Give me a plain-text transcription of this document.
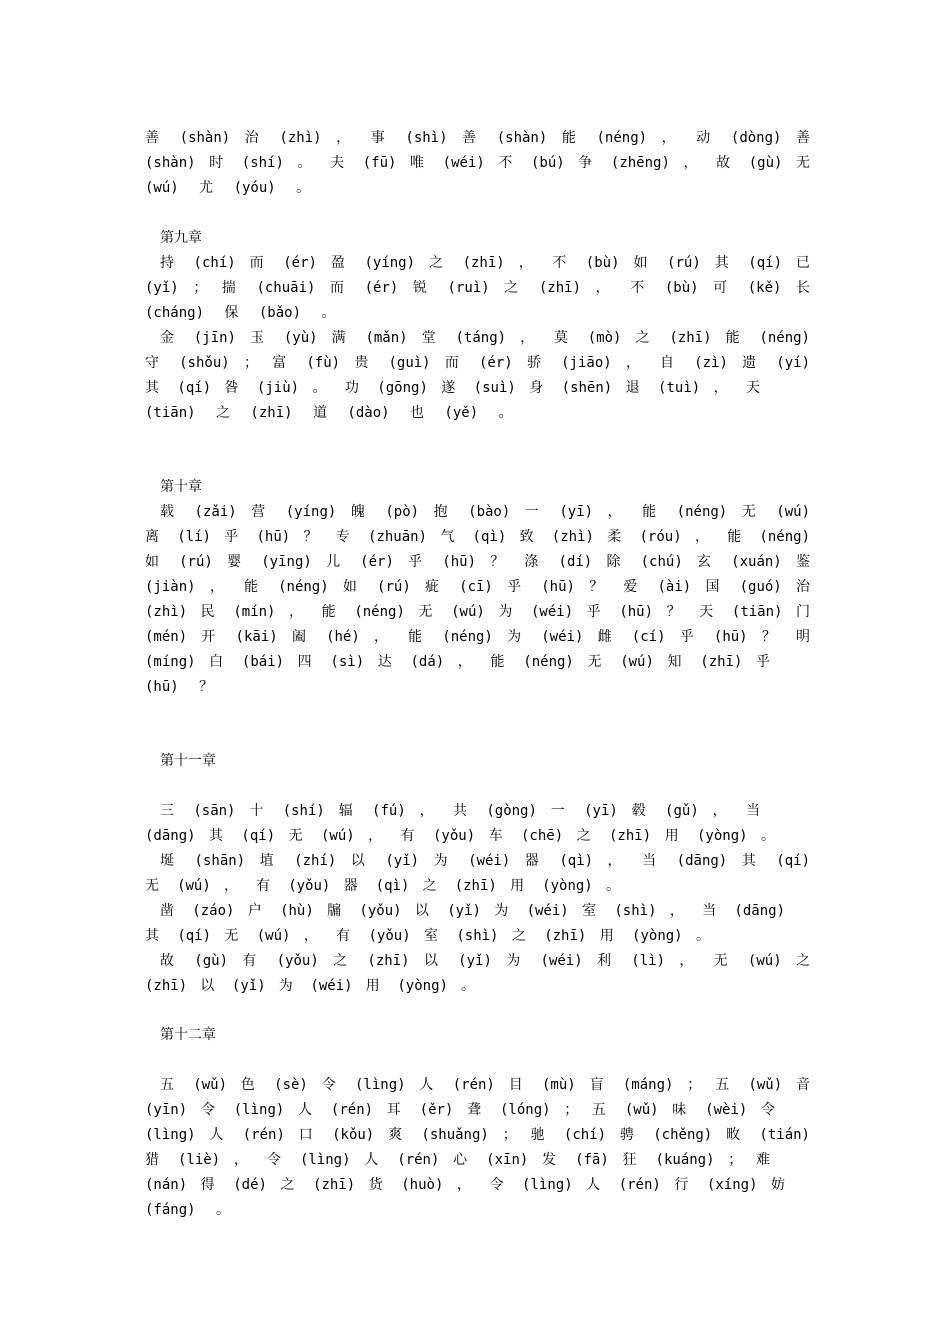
善 (shàn) 治 (zhì) ， 事 (shì) 善 (shàn) 能 (néng) ， 动 (dòng) 善
(shàn) 时 (shí) 。 夫 (fū) 唯 (wéi) 不 (bú) 争 (zhēng) ， 故 (gù) 无
(wú) 尤 (yóu) 。
第九章
持 (chí) 而 (ér) 盈 (yíng) 之 (zhī) ， 不 (bù) 如 (rú) 其 (qí) 已
(yǐ) ； 揣 (chuāi) 而 (ér) 锐 (ruì) 之 (zhī) ， 不 (bù) 可 (kě) 长
(cháng) 保 (bǎo) 。
金 (jīn) 玉 (yù) 满 (mǎn) 堂 (táng) ， 莫 (mò) 之 (zhī) 能 (néng)
守 (shǒu) ； 富 (fù) 贵 (guì) 而 (ér) 骄 (jiāo) ， 自 (zì) 遗 (yí)
其 (qí) 咎 (jiù) 。 功 (gōng) 遂 (suì) 身 (shēn) 退 (tuì) ， 天
(tiān) 之 (zhī) 道 (dào) 也 (yě) 。
第十章
载 (zǎi) 营 (yíng) 魄 (pò) 抱 (bào) 一 (yī) ， 能 (néng) 无 (wú)
离 (lí) 乎 (hū) ？ 专 (zhuān) 气 (qì) 致 (zhì) 柔 (róu) ， 能 (néng)
如 (rú) 婴 (yīng) 儿 (ér) 乎 (hū) ？ 涤 (dí) 除 (chú) 玄 (xuán) 鉴
(jiàn) ， 能 (néng) 如 (rú) 疵 (cī) 乎 (hū) ？ 爱 (ài) 国 (guó) 治
(zhì) 民 (mín) ， 能 (néng) 无 (wú) 为 (wéi) 乎 (hū) ？ 天 (tiān) 门
(mén) 开 (kāi) 阖 (hé) ， 能 (néng) 为 (wéi) 雌 (cí) 乎 (hū) ？ 明
(míng) 白 (bái) 四 (sì) 达 (dá) ， 能 (néng) 无 (wú) 知 (zhī) 乎
(hū) ？
第十一章
三 (sān) 十 (shí) 辐 (fú) ， 共 (gòng) 一 (yī) 毂 (gǔ) ， 当
(dāng) 其 (qí) 无 (wú) ， 有 (yǒu) 车 (chē) 之 (zhī) 用 (yòng) 。
埏 (shān) 埴 (zhí) 以 (yǐ) 为 (wéi) 器 (qì) ， 当 (dāng) 其 (qí)
无 (wú) ， 有 (yǒu) 器 (qì) 之 (zhī) 用 (yòng) 。
凿 (záo) 户 (hù) 牖 (yǒu) 以 (yǐ) 为 (wéi) 室 (shì) ， 当 (dāng)
其 (qí) 无 (wú) ， 有 (yǒu) 室 (shì) 之 (zhī) 用 (yòng) 。
故 (gù) 有 (yǒu) 之 (zhī) 以 (yǐ) 为 (wéi) 利 (lì) ， 无 (wú) 之
(zhī) 以 (yǐ) 为 (wéi) 用 (yòng) 。
第十二章
五 (wǔ) 色 (sè) 令 (lìng) 人 (rén) 目 (mù) 盲 (máng) ； 五 (wǔ) 音
(yīn) 令 (lìng) 人 (rén) 耳 (ěr) 聋 (lóng) ； 五 (wǔ) 味 (wèi) 令
(lìng) 人 (rén) 口 (kǒu) 爽 (shuǎng) ； 驰 (chí) 骋 (chěng) 畋 (tián)
猎 (liè) ， 令 (lìng) 人 (rén) 心 (xīn) 发 (fā) 狂 (kuáng) ； 难
(nán) 得 (dé) 之 (zhī) 货 (huò) ， 令 (lìng) 人 (rén) 行 (xíng) 妨
(fáng) 。
